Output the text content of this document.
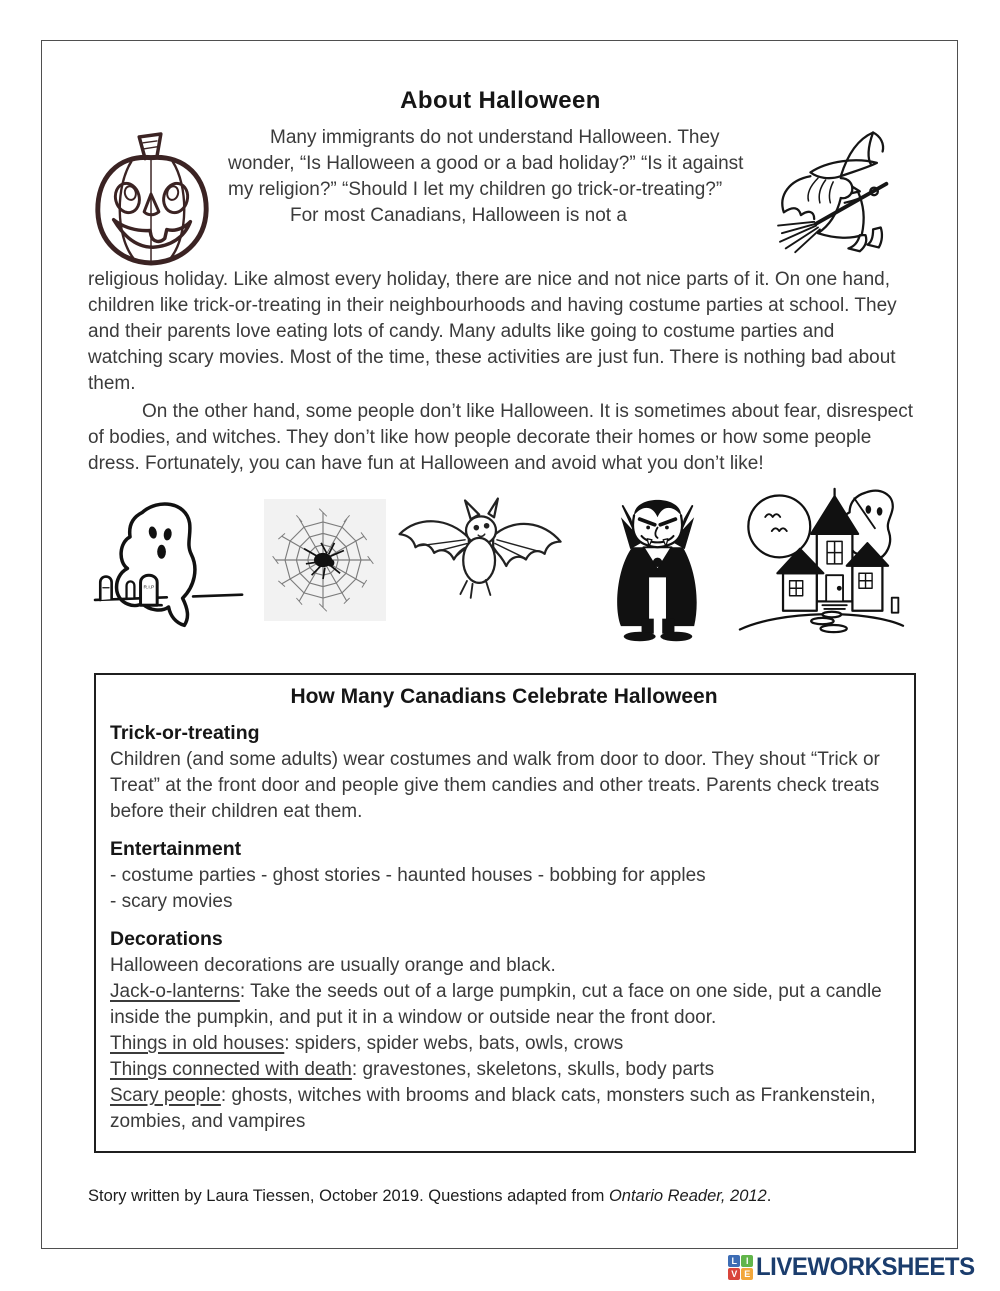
About Halloween

Many immigrants do not understand Halloween. They wonder, “Is Halloween a good or a bad holiday?” “Is it against my religion?” “Should I let my children go trick-or-treating?”

For most Canadians, Halloween is not a

religious holiday. Like almost every holiday, there are nice and not nice parts of it. On one hand, children like trick-or-treating in their neighbourhoods and having costume parties at school. They and their parents love eating lots of candy. Many adults like going to costume parties and watching scary movies. Most of the time, these activities are just fun. There is nothing bad about them.

On the other hand, some people don’t like Halloween. It is sometimes about fear, disrespect of bodies, and witches. They don’t like how people decorate their homes or how some people dress. Fortunately, you can have fun at Halloween and avoid what you don’t like!

R.I.P
How Many Canadians Celebrate Halloween
Trick-or-treating

Children (and some adults) wear costumes and walk from door to door. They shout “Trick or Treat” at the front door and people give them candies and other treats. Parents check treats before their children eat them.

Entertainment

- costume parties - ghost stories - haunted houses - bobbing for apples

- scary movies

Decorations

Halloween decorations are usually orange and black.

Jack-o-lanterns: Take the seeds out of a large pumpkin, cut a face on one side, put a candle inside the pumpkin, and put it in a window or outside near the front door.

Things in old houses: spiders, spider webs, bats, owls, crows

Things connected with death: gravestones, skeletons, skulls, body parts

Scary people: ghosts, witches with brooms and black cats, monsters such as Frankenstein, zombies, and vampires

Story written by Laura Tiessen, October 2019. Questions adapted from Ontario Reader, 2012.
L I
V E LIVEWORKSHEETS
